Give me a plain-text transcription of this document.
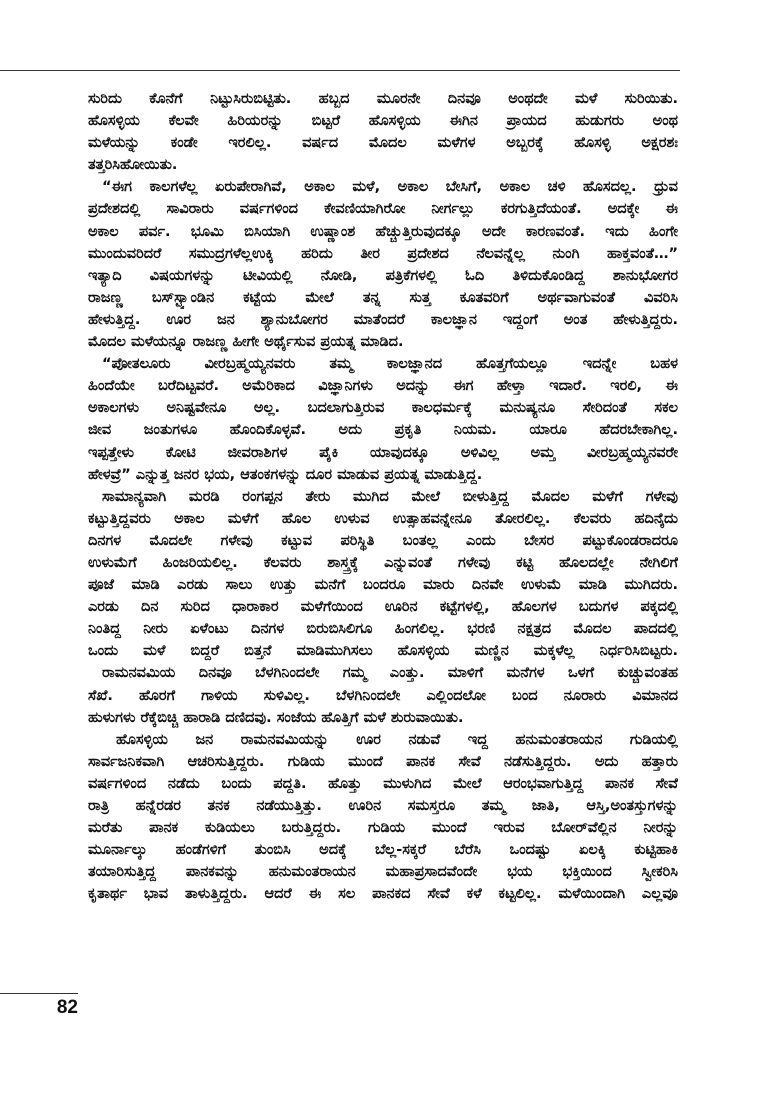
ಸುರಿದು ಕೊನೆಗೆ ನಿಟ್ಟುಸಿರುಬಿಟ್ಟಿತು. ಹಬ್ಬದ ಮೂರನೇ ದಿನವೂ ಅಂಥದೇ ಮಳೆ ಸುರಿಯಿತು.
ಹೊಸಳ್ಳಿಯ ಕೆಲವೇ ಹಿರಿಯರನ್ನು ಬಿಟ್ಟರೆ ಹೊಸಳ್ಳಿಯ ಈಗಿನ ಪ್ರಾಯದ ಹುಡುಗರು ಅಂಥ
ಮಳೆಯನ್ನು ಕಂಡೇ ಇರಲಿಲ್ಲ. ವರ್ಷದ ಮೊದಲ ಮಳೆಗಳ ಅಬ್ಬರಕ್ಕೆ ಹೊಸಳ್ಳಿ ಅಕ್ಷರಶಃ
ತತ್ತರಿಸಿಹೋಯಿತು.
“ಈಗ ಕಾಲಗಳೆಲ್ಲ ಏರುಪೇರಾಗಿವೆ, ಅಕಾಲ ಮಳೆ, ಅಕಾಲ ಬೇಸಿಗೆ, ಅಕಾಲ ಚಳಿ ಹೊಸದಲ್ಲ. ಧ್ರುವ
ಪ್ರದೇಶದಲ್ಲಿ ಸಾವಿರಾರು ವರ್ಷಗಳಿಂದ ಕೇವಣಿಯಾಗಿರೋ ನೀರ್ಗಲ್ಲು ಕರಗುತ್ತಿದೆಯಂತೆ. ಅದಕ್ಕೇ ಈ
ಅಕಾಲ ಪರ್ವ. ಭೂಮಿ ಬಿಸಿಯಾಗಿ ಉಷ್ಣಾಂಶ ಹೆಚ್ಚುತ್ತಿರುವುದಕ್ಕೂ ಅದೇ ಕಾರಣವಂತೆ. ಇದು ಹಿಂಗೇ
ಮುಂದುವರಿದರೆ ಸಮುದ್ರಗಳೆಲ್ಲಉಕ್ಕಿ ಹರಿದು ತೀರ ಪ್ರದೇಶದ ನೆಲವನ್ನೆಲ್ಲ ನುಂಗಿ ಹಾಕ್ತವಂತೆ…”
ಇತ್ಯಾದಿ ವಿಷಯಗಳನ್ನು ಟೀವಿಯಲ್ಲಿ ನೋಡಿ, ಪತ್ರಿಕೆಗಳಲ್ಲಿ ಓದಿ ತಿಳಿದುಕೊಂಡಿದ್ದ ಶಾನುಭೋಗರ
ರಾಜಣ್ಣ ಬಸ್‌ಸ್ಟ್ಯಾಂಡಿನ ಕಟ್ಟೆಯ ಮೇಲೆ ತನ್ನ ಸುತ್ತ ಕೂತವರಿಗೆ ಅರ್ಥವಾಗುವಂತೆ ವಿವರಿಸಿ
ಹೇಳುತ್ತಿದ್ದ. ಊರ ಜನ ಶ್ಯಾನುಬೋಗರ ಮಾತೆಂದರೆ ಕಾಲಜ್ಞಾನ ಇದ್ದಂಗೆ ಅಂತ ಹೇಳುತ್ತಿದ್ದರು.
ಮೊದಲ ಮಳೆಯನ್ನೂ ರಾಜಣ್ಣ ಹೀಗೇ ಅರ್ಥೈಸುವ ಪ್ರಯತ್ನ ಮಾಡಿದ.
“ಪೋತಲೂರು ವೀರಬ್ರಹ್ಮಯ್ಯನವರು ತಮ್ಮ ಕಾಲಜ್ಞಾನದ ಹೊತ್ತಗೆಯಲ್ಲೂ ಇದನ್ನೇ ಬಹಳ
ಹಿಂದೆಯೇ ಬರೆದಿಟ್ಟವರೆ. ಅಮೆರಿಕಾದ ವಿಜ್ಞಾನಿಗಳು ಅದನ್ನು ಈಗ ಹೇಳ್ತಾ ಇದಾರೆ. ಇರಲಿ, ಈ
ಅಕಾಲಗಳು ಅನಿಷ್ಟವೇನೂ ಅಲ್ಲ. ಬದಲಾಗುತ್ತಿರುವ ಕಾಲಧರ್ಮಕ್ಕೆ ಮನುಷ್ಯನೂ ಸೇರಿದಂತೆ ಸಕಲ
ಜೀವ ಜಂತುಗಳೂ ಹೊಂದಿಕೊಳ್ಳವೆ. ಅದು ಪ್ರಕೃತಿ ನಿಯಮ. ಯಾರೂ ಹೆದರಬೇಕಾಗಿಲ್ಲ.
ಇಪ್ಪತ್ತೇಳು ಕೋಟಿ ಜೀವರಾಶಿಗಳ ಪೈಕಿ ಯಾವುದಕ್ಕೂ ಅಳಿವಿಲ್ಲ ಅಮ್ತ ವೀರಬ್ರಹ್ಮಯ್ಯನವರೇ
ಹೇಳವ್ರೆ” ಎನ್ನುತ್ತ ಜನರ ಭಯ, ಆತಂಕಗಳನ್ನು ದೂರ ಮಾಡುವ ಪ್ರಯತ್ನ ಮಾಡುತ್ತಿದ್ದ.
ಸಾಮಾನ್ಯವಾಗಿ ಮರಡಿ ರಂಗಪ್ಪನ ತೇರು ಮುಗಿದ ಮೇಲೆ ಬೀಳುತ್ತಿದ್ದ ಮೊದಲ ಮಳೆಗೆ ಗಳೇವು
ಕಟ್ಟುತ್ತಿದ್ದವರು ಅಕಾಲ ಮಳೆಗೆ ಹೊಲ ಉಳುವ ಉತ್ಸಾಹವನ್ನೇನೂ ತೋರಲಿಲ್ಲ. ಕೆಲವರು ಹದಿನೈದು
ದಿನಗಳ ಮೊದಲೇ ಗಳೇವು ಕಟ್ಟುವ ಪರಿಸ್ಥಿತಿ ಬಂತಲ್ಲ ಎಂದು ಬೇಸರ ಪಟ್ಟುಕೊಂಡರಾದರೂ
ಉಳುಮೆಗೆ ಹಿಂಜರಿಯಲಿಲ್ಲ. ಕೆಲವರು ಶಾಸ್ತ್ರಕ್ಕೆ ಎನ್ನುವಂತೆ ಗಳೇವು ಕಟ್ಟಿ ಹೊಲದಲ್ಲೇ ನೇಗಿಲಿಗೆ
ಪೂಜೆ ಮಾಡಿ ಎರಡು ಸಾಲು ಉತ್ತು ಮನೆಗೆ ಬಂದರೂ ಮಾರು ದಿನವೇ ಉಳುಮೆ ಮಾಡಿ ಮುಗಿದರು.
ಎರಡು ದಿನ ಸುರಿದ ಧಾರಾಕಾರ ಮಳೆಗೆಯಿಂದ ಊರಿನ ಕಟ್ಟೆಗಳಲ್ಲಿ, ಹೊಲಗಳ ಬದುಗಳ ಪಕ್ಕದಲ್ಲಿ
ನಿಂತಿದ್ದ ನೀರು ಏಳೆಂಟು ದಿನಗಳ ಬಿರುಬಿಸಿಲಿಗೂ ಹಿಂಗಲಿಲ್ಲ. ಭರಣಿ ನಕ್ಷತ್ರದ ಮೊದಲ ಪಾದದಲ್ಲಿ
ಒಂದು ಮಳೆ ಬಿದ್ದರೆ ಬಿತ್ತನೆ ಮಾಡಿಮುಗಿಸಲು ಹೊಸಳ್ಳಿಯ ಮಣ್ಣಿನ ಮಕ್ಕಳೆಲ್ಲ ನಿರ್ಧರಿಸಿಬಿಟ್ಟರು.
ರಾಮನವಮಿಯ ದಿನವೂ ಬೆಳಗಿನಿಂದಲೇ ಗಮ್ಮ ಎಂತ್ತು. ಮಾಳಿಗೆ ಮನೆಗಳ ಒಳಗೆ ಕುಚ್ಚುವಂತಹ
ಸೆಖೆ. ಹೊರಗೆ ಗಾಳಿಯ ಸುಳಿವಿಲ್ಲ. ಬೆಳಗಿನಿಂದಲೇ ಎಲ್ಲಿಂದಲೋ ಬಂದ ನೂರಾರು ವಿಮಾನದ
ಹುಳುಗಳು ರೆಕ್ಕೆಬಿಚ್ಚಿ ಹಾರಾಡಿ ದಣಿದವು. ಸಂಜೆಯ ಹೊತ್ತಿಗೆ ಮಳೆ ಶುರುವಾಯಿತು.
ಹೊಸಳ್ಳಿಯ ಜನ ರಾಮನವಮಿಯನ್ನು ಊರ ನಡುವೆ ಇದ್ದ ಹನುಮಂತರಾಯನ ಗುಡಿಯಲ್ಲಿ
ಸಾರ್ವಜನಿಕವಾಗಿ ಆಚರಿಸುತ್ತಿದ್ದರು. ಗುಡಿಯ ಮುಂದೆ ಪಾನಕ ಸೇವೆ ನಡೆಸುತ್ತಿದ್ದರು. ಅದು ಹತ್ತಾರು
ವರ್ಷಗಳಿಂದ ನಡೆದು ಬಂದು ಪದ್ದತಿ. ಹೊತ್ತು ಮುಳುಗಿದ ಮೇಲೆ ಆರಂಭವಾಗುತ್ತಿದ್ದ ಪಾನಕ ಸೇವೆ
ರಾತ್ರಿ ಹನ್ನೆರಡರ ತನಕ ನಡೆಯುತ್ತಿತ್ತು. ಊರಿನ ಸಮಸ್ತರೂ ತಮ್ಮ ಜಾತಿ, ಆಸ್ತಿ,ಅಂತಸ್ತುಗಳನ್ನು
ಮರೆತು ಪಾನಕ ಕುಡಿಯಲು ಬರುತ್ತಿದ್ದರು. ಗುಡಿಯ ಮುಂದೆ ಇರುವ ಬೋರ್‌ವೆಲ್ಲಿನ ನೀರನ್ನು
ಮೂರ್ನಾಲ್ಕು ಹಂಡೆಗಳಿಗೆ ತುಂಬಿಸಿ ಅದಕ್ಕೆ ಬೆಲ್ಲ-ಸಕ್ಕರೆ ಬೆರೆಸಿ ಒಂದಷ್ಟು ಏಲಕ್ಕಿ ಕುಟ್ಟಿಹಾಕಿ
ತಯಾರಿಸುತ್ತಿದ್ದ ಪಾನಕವನ್ನು ಹನುಮಂತರಾಯನ ಮಹಾಪ್ರಸಾದವೆಂದೇ ಭಯ ಭಕ್ತಿಯಿಂದ ಸ್ವೀಕರಿಸಿ
ಕೃತಾರ್ಥ ಭಾವ ತಾಳುತ್ತಿದ್ದರು. ಆದರೆ ಈ ಸಲ ಪಾನಕದ ಸೇವೆ ಕಳೆ ಕಟ್ಟಲಿಲ್ಲ. ಮಳೆಯಿಂದಾಗಿ ಎಲ್ಲವೂ
82
